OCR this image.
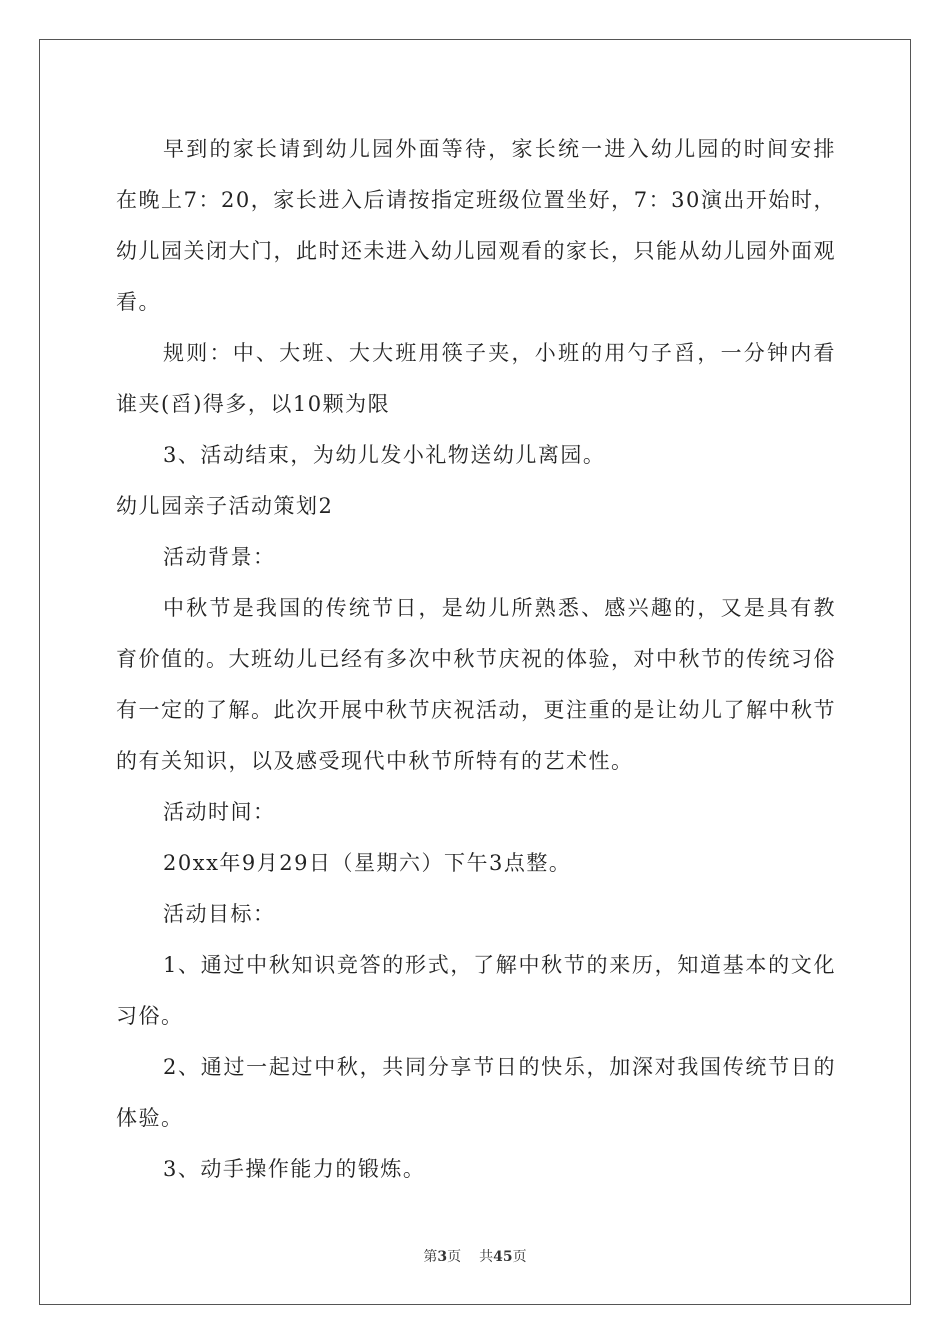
早到的家长请到幼儿园外面等待，家长统一进入幼儿园的时间安排在晚上7：20，家长进入后请按指定班级位置坐好，7：30演出开始时，幼儿园关闭大门，此时还未进入幼儿园观看的家长，只能从幼儿园外面观看。

规则：中、大班、大大班用筷子夹，小班的用勺子舀，一分钟内看谁夹(舀)得多，以10颗为限

3、活动结束，为幼儿发小礼物送幼儿离园。

幼儿园亲子活动策划2

活动背景：

中秋节是我国的传统节日，是幼儿所熟悉、感兴趣的，又是具有教育价值的。大班幼儿已经有多次中秋节庆祝的体验，对中秋节的传统习俗有一定的了解。此次开展中秋节庆祝活动，更注重的是让幼儿了解中秋节的有关知识，以及感受现代中秋节所特有的艺术性。

活动时间：

20xx年9月29日（星期六）下午3点整。

活动目标：

1、通过中秋知识竞答的形式，了解中秋节的来历，知道基本的文化习俗。

2、通过一起过中秋，共同分享节日的快乐，加深对我国传统节日的体验。

3、动手操作能力的锻炼。

第3页 共45页
